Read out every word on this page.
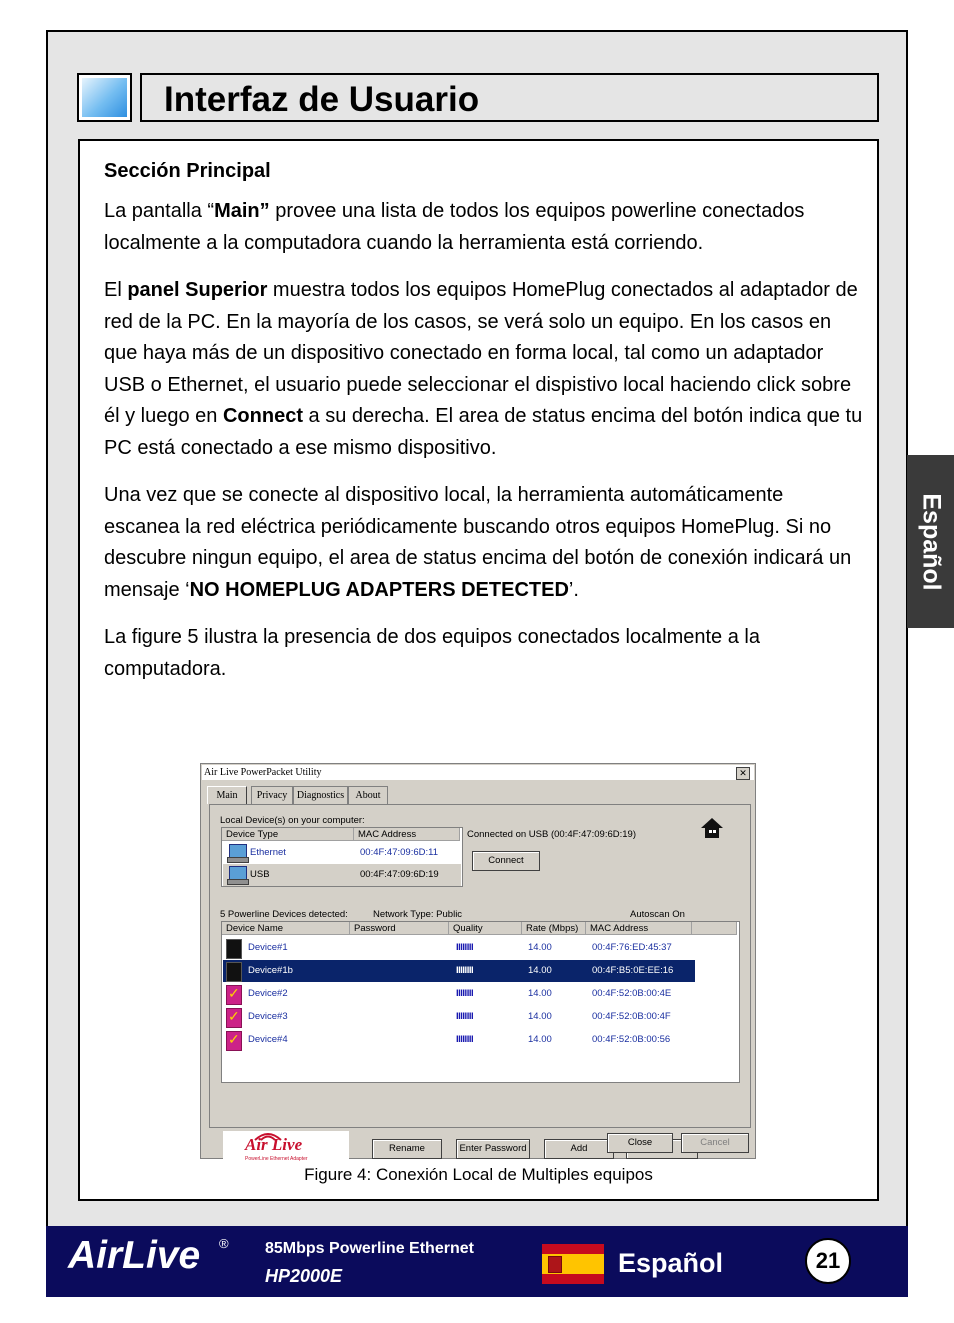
Interfaz de Usuario
Español
Sección Principal

La pantalla “Main” provee una lista de todos los equipos powerline conectados localmente a la computadora cuando la herramienta está corriendo.

El panel Superior muestra todos los equipos HomePlug conectados al adaptador de red de la PC. En la mayoría de los casos, se verá solo un equipo. En los casos en que haya más de un dispositivo conectado en forma local, tal como un adaptador USB o Ethernet, el usuario puede seleccionar el dispistivo local haciendo click sobre él y luego en Connect a su derecha. El area de status encima del botón indica que tu PC está conectado a ese mismo dispositivo.

Una vez que se conecte al dispositivo local, la herramienta automáticamente escanea la red eléctrica periódicamente buscando otros equipos HomePlug. Si no descubre ningun equipo, el area de status encima del botón de conexión indicará un mensaje ‘NO HOMEPLUG ADAPTERS DETECTED’.

La figure 5 ilustra la presencia de dos equipos conectados localmente a la computadora.

Air Live PowerPacket Utility	✕
Main	Privacy Diagnostics	About
Local Device(s) on your computer:
Device Type	MAC Address
Ethernet	00:4F:47:09:6D:11
USB	00:4F:47:09:6D:19
Connected on USB (00:4F:47:09:6D:19)
Connect
5 Powerline Devices detected:	Network Type: Public	Autoscan On
Device Name	Password	Quality	Rate (Mbps)	MAC Address
Device#1	IIIIIIII	14.00	00:4F:76:ED:45:37
Device#1b	IIIIIIII	14.00	00:4F:B5:0E:EE:16
✓
Device#2	IIIIIIII	14.00	00:4F:52:0B:00:4E
✓
Device#3	IIIIIIII	14.00	00:4F:52:0B:00:4F
✓
Device#4	IIIIIIII	14.00	00:4F:52:0B:00:56
Air Live
PowerLine Ethernet Adapter
Rename	Enter Password	Add
Close	Cancel
Figure 4: Conexión Local de Multiples equipos
AirLive ® 85Mbps Powerline Ethernet
HP2000E	Español	21
